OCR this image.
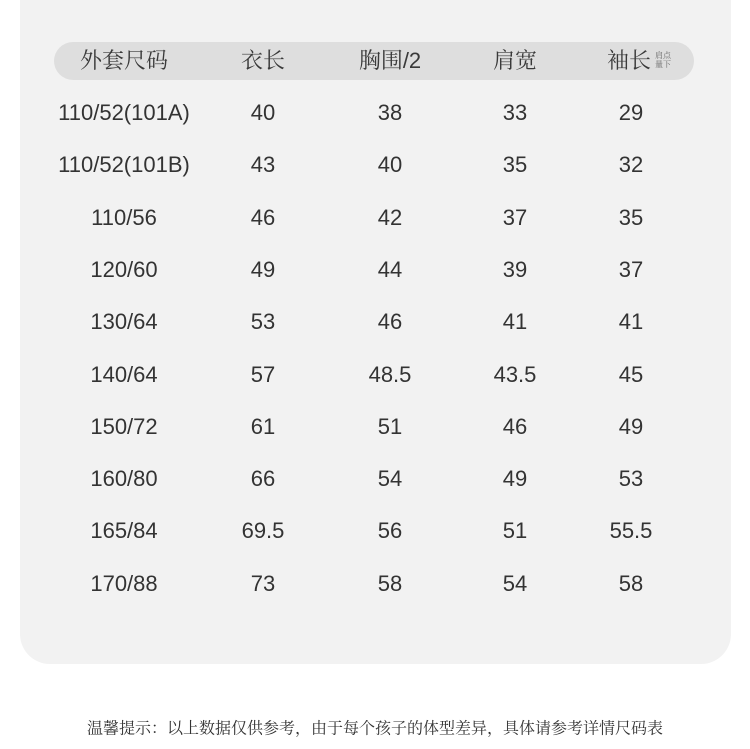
外套尺码	衣长	胸围/2	肩宽	袖长 肩点
量下
110/52(101A)	40	38	33	29
110/52(101B)	43	40	35	32
110/56	46	42	37	35
120/60	49	44	39	37
130/64	53	46	41	41
140/64	57	48.5	43.5	45
150/72	61	51	46	49
160/80	66	54	49	53
165/84	69.5	56	51	55.5
170/88	73	58	54	58
温馨提示：以上数据仅供参考，由于每个孩子的体型差异，具体请参考详情尺码表
